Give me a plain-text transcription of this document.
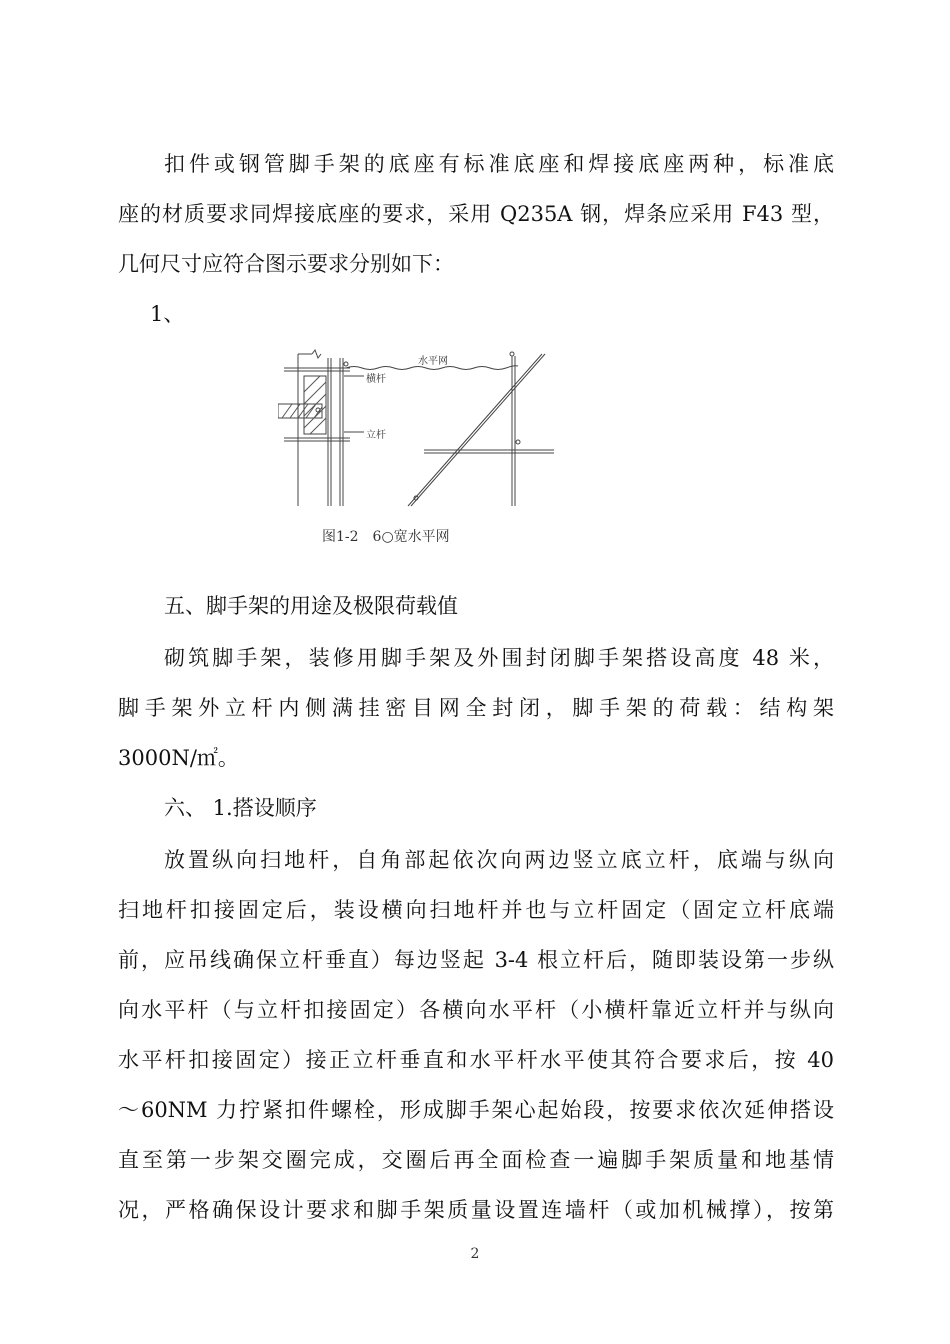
扣件或钢管脚手架的底座有标准底座和焊接底座两种，标准底
座的材质要求同焊接底座的要求，采用 Q235A 钢，焊条应采用 F43 型，
几何尺寸应符合图示要求分别如下：
1、
水平网
横杆
立杆
图1-2　6○宽水平网
五、脚手架的用途及极限荷载值
砌筑脚手架，装修用脚手架及外围封闭脚手架搭设高度 48 米，
脚手架外立杆内侧满挂密目网全封闭，脚手架的荷载：结构架
3000N/㎡。
六、 1.搭设顺序
放置纵向扫地杆，自角部起依次向两边竖立底立杆，底端与纵向
扫地杆扣接固定后，装设横向扫地杆并也与立杆固定（固定立杆底端
前，应吊线确保立杆垂直）每边竖起 3-4 根立杆后，随即装设第一步纵
向水平杆（与立杆扣接固定）各横向水平杆（小横杆靠近立杆并与纵向
水平杆扣接固定）接正立杆垂直和水平杆水平使其符合要求后，按 40
～60NM 力拧紧扣件螺栓，形成脚手架心起始段，按要求依次延伸搭设
直至第一步架交圈完成，交圈后再全面检查一遍脚手架质量和地基情
况，严格确保设计要求和脚手架质量设置连墙杆（或加机械撑），按第
2
